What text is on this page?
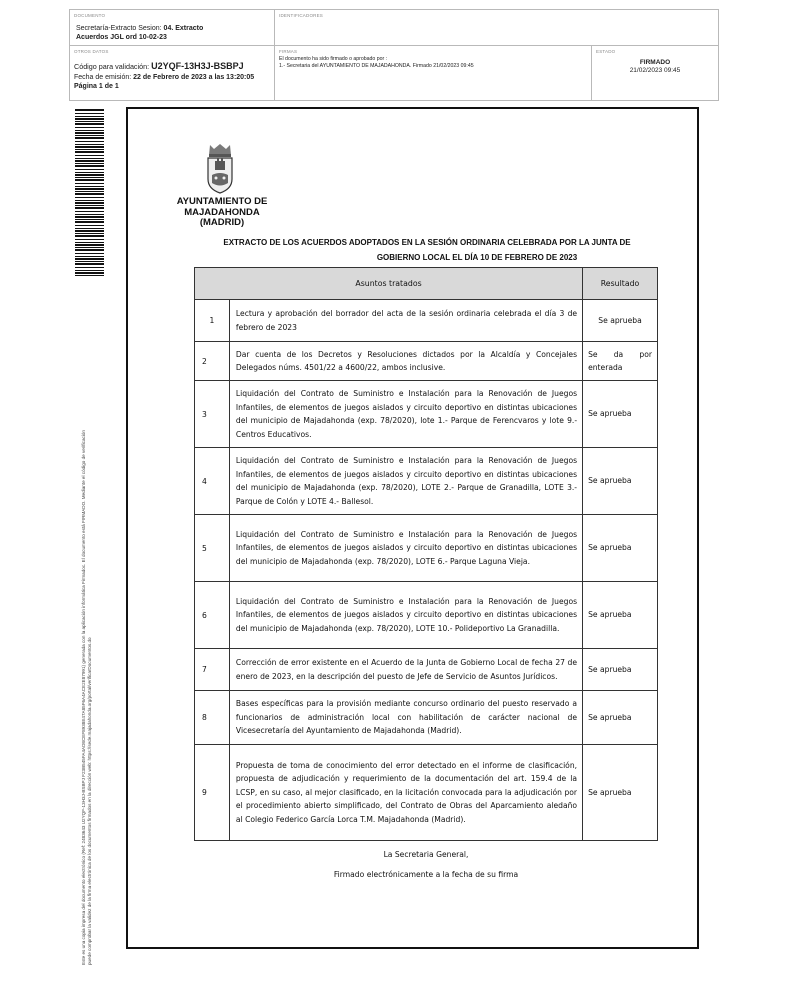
DOCUMENTO
Secretaría-Extracto Sesion: 04. Extracto
Acuerdos JGL ord 10-02-23
IDENTIFICADORES
OTROS DATOS
Código para validación: U2YQF-13H3J-BSBPJ
Fecha de emisión: 22 de Febrero de 2023 a las 13:20:05
Página 1 de 1
FIRMAS
El documento ha sido firmado o aprobado por :
1.- Secretaria del AYUNTAMIENTO DE MAJADAHONDA. Firmado 21/02/2023 09:45
ESTADO
FIRMADO
21/02/2023 09:45
Este es una copia impresa del documento electrónico (Ref: 2483643 U2YQF-13H3J-BSBPJ F23B545FA4AD8CEF8938E47A85F6A4ACE2E87991) generada con la aplicación informática Firmadoc. El documento está FIRMADO. Mediante el código de verificación puede comprobar la validez de la firma electrónica de los documentos firmados en la dirección web: https://sede.majadahonda.org/portal/verificarDocumentos.do
AYUNTAMIENTO DE
MAJADAHONDA
(MADRID)
EXTRACTO DE LOS ACUERDOS ADOPTADOS EN LA SESIÓN ORDINARIA CELEBRADA POR LA JUNTA DE
GOBIERNO LOCAL EL DÍA 10 DE FEBRERO DE 2023
Asuntos tratados		Resultado
1	Lectura y aprobación del borrador del acta de la sesión ordinaria celebrada el día 3 de febrero de 2023	Se aprueba
2	Dar cuenta de los Decretos y Resoluciones dictados por la Alcaldía y Concejales Delegados núms. 4501/22 a 4600/22, ambos inclusive.	Se da por enterada
3	Liquidación del Contrato de Suministro e Instalación para la Renovación de Juegos Infantiles, de elementos de juegos aislados y circuito deportivo en distintas ubicaciones del municipio de Majadahonda (exp. 78/2020), lote 1.- Parque de Ferencvaros y lote 9.- Centros Educativos.	Se aprueba
4	Liquidación del Contrato de Suministro e Instalación para la Renovación de Juegos Infantiles, de elementos de juegos aislados y circuito deportivo en distintas ubicaciones del municipio de Majadahonda (exp. 78/2020), LOTE 2.- Parque de Granadilla, LOTE 3.- Parque de Colón y LOTE 4.- Ballesol.	Se aprueba
5	Liquidación del Contrato de Suministro e Instalación para la Renovación de Juegos Infantiles, de elementos de juegos aislados y circuito deportivo en distintas ubicaciones del municipio de Majadahonda (exp. 78/2020), LOTE 6.- Parque Laguna Vieja.	Se aprueba
6	Liquidación del Contrato de Suministro e Instalación para la Renovación de Juegos Infantiles, de elementos de juegos aislados y circuito deportivo en distintas ubicaciones del municipio de Majadahonda (exp. 78/2020), LOTE 10.- Polideportivo La Granadilla.	Se aprueba
7	Corrección de error existente en el Acuerdo de la Junta de Gobierno Local de fecha 27 de enero de 2023, en la descripción del puesto de Jefe de Servicio de Asuntos Jurídicos.	Se aprueba
8	Bases específicas para la provisión mediante concurso ordinario del puesto reservado a funcionarios de administración local con habilitación de carácter nacional de Vicesecretaría del Ayuntamiento de Majadahonda (Madrid).	Se aprueba
9	Propuesta de toma de conocimiento del error detectado en el informe de clasificación, propuesta de adjudicación y requerimiento de la documentación del art. 159.4 de la LCSP, en su caso, al mejor clasificado, en la licitación convocada para la adjudicación por el procedimiento abierto simplificado, del Contrato de Obras del Aparcamiento aledaño al Colegio Federico García Lorca T.M. Majadahonda (Madrid).	Se aprueba
La Secretaria General,
Firmado electrónicamente a la fecha de su firma
